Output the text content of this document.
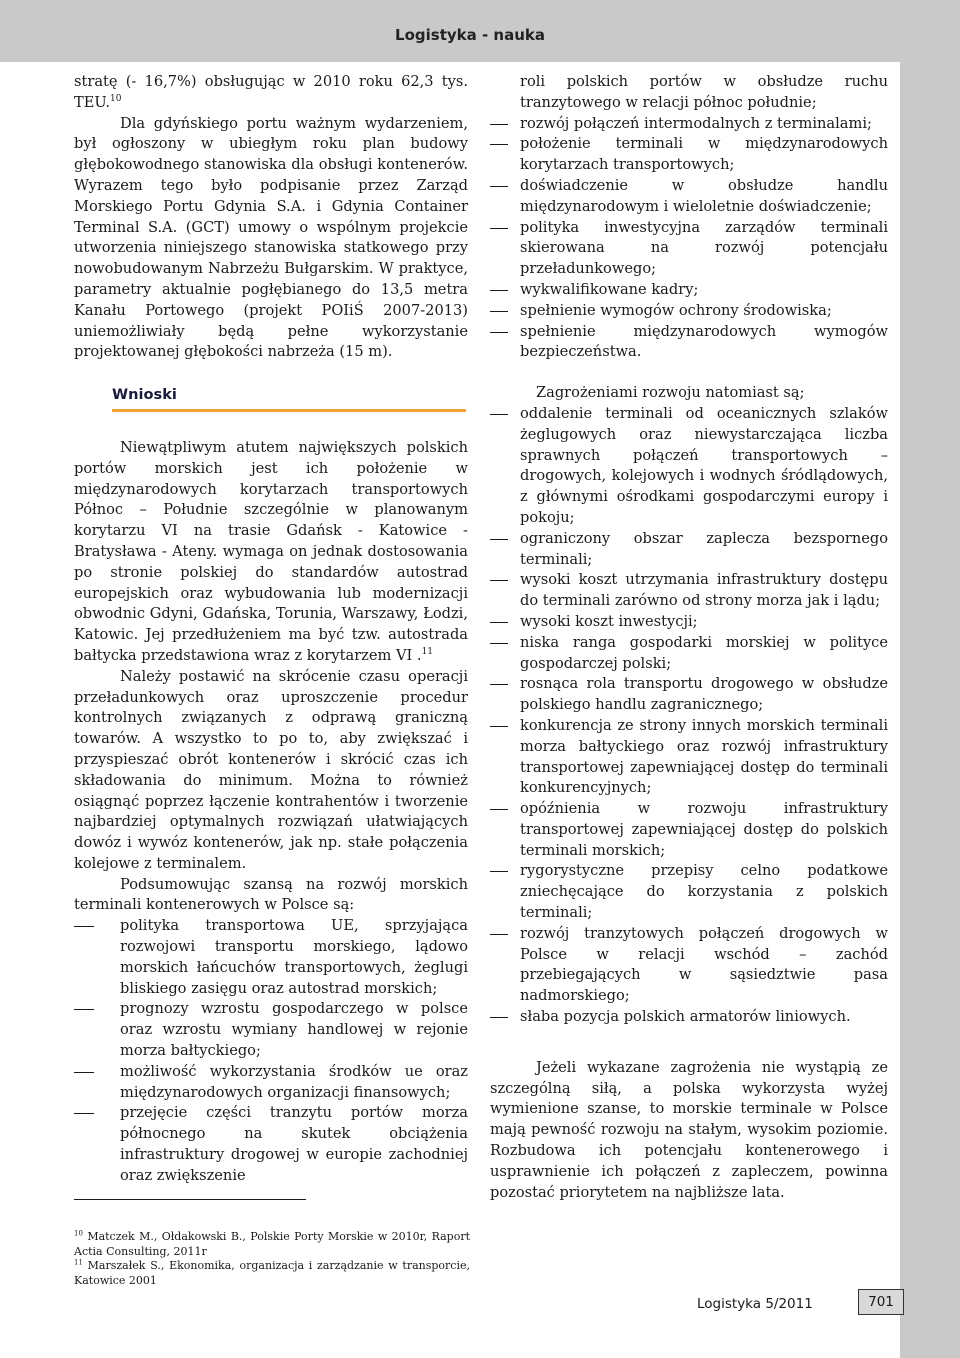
Logistyka - nauka

stratę (- 16,7%) obsługując w 2010 roku 62,3 tys. TEU.$^{10}$

Dla gdyńskiego portu ważnym wydarzeniem, był ogłoszony w ubiegłym roku plan budowy głębokowodnego stanowiska dla obsługi kontenerów. Wyrazem tego było podpisanie przez Zarząd Morskiego Portu Gdynia S.A. i Gdynia Container Terminal S.A. (GCT) umowy o wspólnym projekcie utworzenia niniejszego stanowiska statkowego przy nowobudowanym Nabrzeżu Bułgarskim. W praktyce, parametry aktualnie pogłębianego do 13,5 metra Kanału Portowego (projekt POIiŚ 2007-2013) uniemożliwiały będą pełne wykorzystanie projektowanej głębokości nabrzeża (15 m).

Wnioski

Niewątpliwym atutem największych polskich portów morskich jest ich położenie w międzynarodowych korytarzach transportowych Północ – Południe szczególnie w planowanym korytarzu VI na trasie Gdańsk - Katowice - Bratysława - Ateny. wymaga on jednak dostosowania po stronie polskiej do standardów autostrad europejskich oraz wybudowania lub modernizacji obwodnic Gdyni, Gdańska, Torunia, Warszawy, Łodzi, Katowic. Jej przedłużeniem ma być tzw. autostrada bałtycka przedstawiona wraz z korytarzem VI .$^{11}$

Należy postawić na skrócenie czasu operacji przeładunkowych oraz uproszczenie procedur kontrolnych związanych z odprawą graniczną towarów. A wszystko to po to, aby zwiększać i przyspieszać obrót kontenerów i skrócić czas ich składowania do minimum. Można to również osiągnąć poprzez łączenie kontrahentów i tworzenie najbardziej optymalnych rozwiązań ułatwiających dowóz i wywóz kontenerów, jak np. stałe połączenia kolejowe z terminalem.

Podsumowując szansą na rozwój morskich terminali kontenerowych w Polsce są:

polityka transportowa UE, sprzyjająca rozwojowi transportu morskiego, lądowo morskich łańcuchów transportowych, żeglugi bliskiego zasięgu oraz autostrad morskich;
prognozy wzrostu gospodarczego w polsce oraz wzrostu wymiany handlowej w rejonie morza bałtyckiego;
możliwość wykorzystania środków ue oraz międzynarodowych organizacji finansowych;
przejęcie części tranzytu portów morza północnego na skutek obciążenia infrastruktury drogowej w europie zachodniej oraz zwiększenie
roli polskich portów w obsłudze ruchu tranzytowego w relacji północ południe;
rozwój połączeń intermodalnych z terminalami;
położenie terminali w międzynarodowych korytarzach transportowych;
doświadczenie w obsłudze handlu międzynarodowym i wieloletnie doświadczenie;
polityka inwestycyjna zarządów terminali skierowana na rozwój potencjału przeładunkowego;
wykwalifikowane kadry;
spełnienie wymogów ochrony środowiska;
spełnienie międzynarodowych wymogów bezpieczeństwa.

Zagrożeniami rozwoju natomiast są;

oddalenie terminali od oceanicznych szlaków żeglugowych oraz niewystarczająca liczba sprawnych połączeń transportowych – drogowych, kolejowych i wodnych śródlądowych, z głównymi ośrodkami gospodarczymi europy i pokoju;
ograniczony obszar zaplecza bezspornego terminali;
wysoki koszt utrzymania infrastruktury dostępu do terminali zarówno od strony morza jak i lądu;
wysoki koszt inwestycji;
niska ranga gospodarki morskiej w polityce gospodarczej polski;
rosnąca rola transportu drogowego w obsłudze polskiego handlu zagranicznego;
konkurencja ze strony innych morskich terminali morza bałtyckiego oraz rozwój infrastruktury transportowej zapewniającej dostęp do terminali konkurencyjnych;
opóźnienia w rozwoju infrastruktury transportowej zapewniającej dostęp do polskich terminali morskich;
rygorystyczne przepisy celno podatkowe zniechęcające do korzystania z polskich terminali;
rozwój tranzytowych połączeń drogowych w Polsce w relacji wschód – zachód przebiegających w sąsiedztwie pasa nadmorskiego;
słaba pozycja polskich armatorów liniowych.

Jeżeli wykazane zagrożenia nie wystąpią ze szczególną siłą, a polska wykorzysta wyżej wymienione szanse, to morskie terminale w Polsce mają pewność rozwoju na stałym, wysokim poziomie. Rozbudowa ich potencjału kontenerowego i usprawnienie ich połączeń z zapleczem, powinna pozostać priorytetem na najbliższe lata.

$^{10}$ Matczek M., Ołdakowski B., Polskie Porty Morskie w 2010r, Raport Actia Consulting, 2011r

$^{11}$ Marszałek S., Ekonomika, organizacja i zarządzanie w transporcie, Katowice 2001

Logistyka 5/2011	701
